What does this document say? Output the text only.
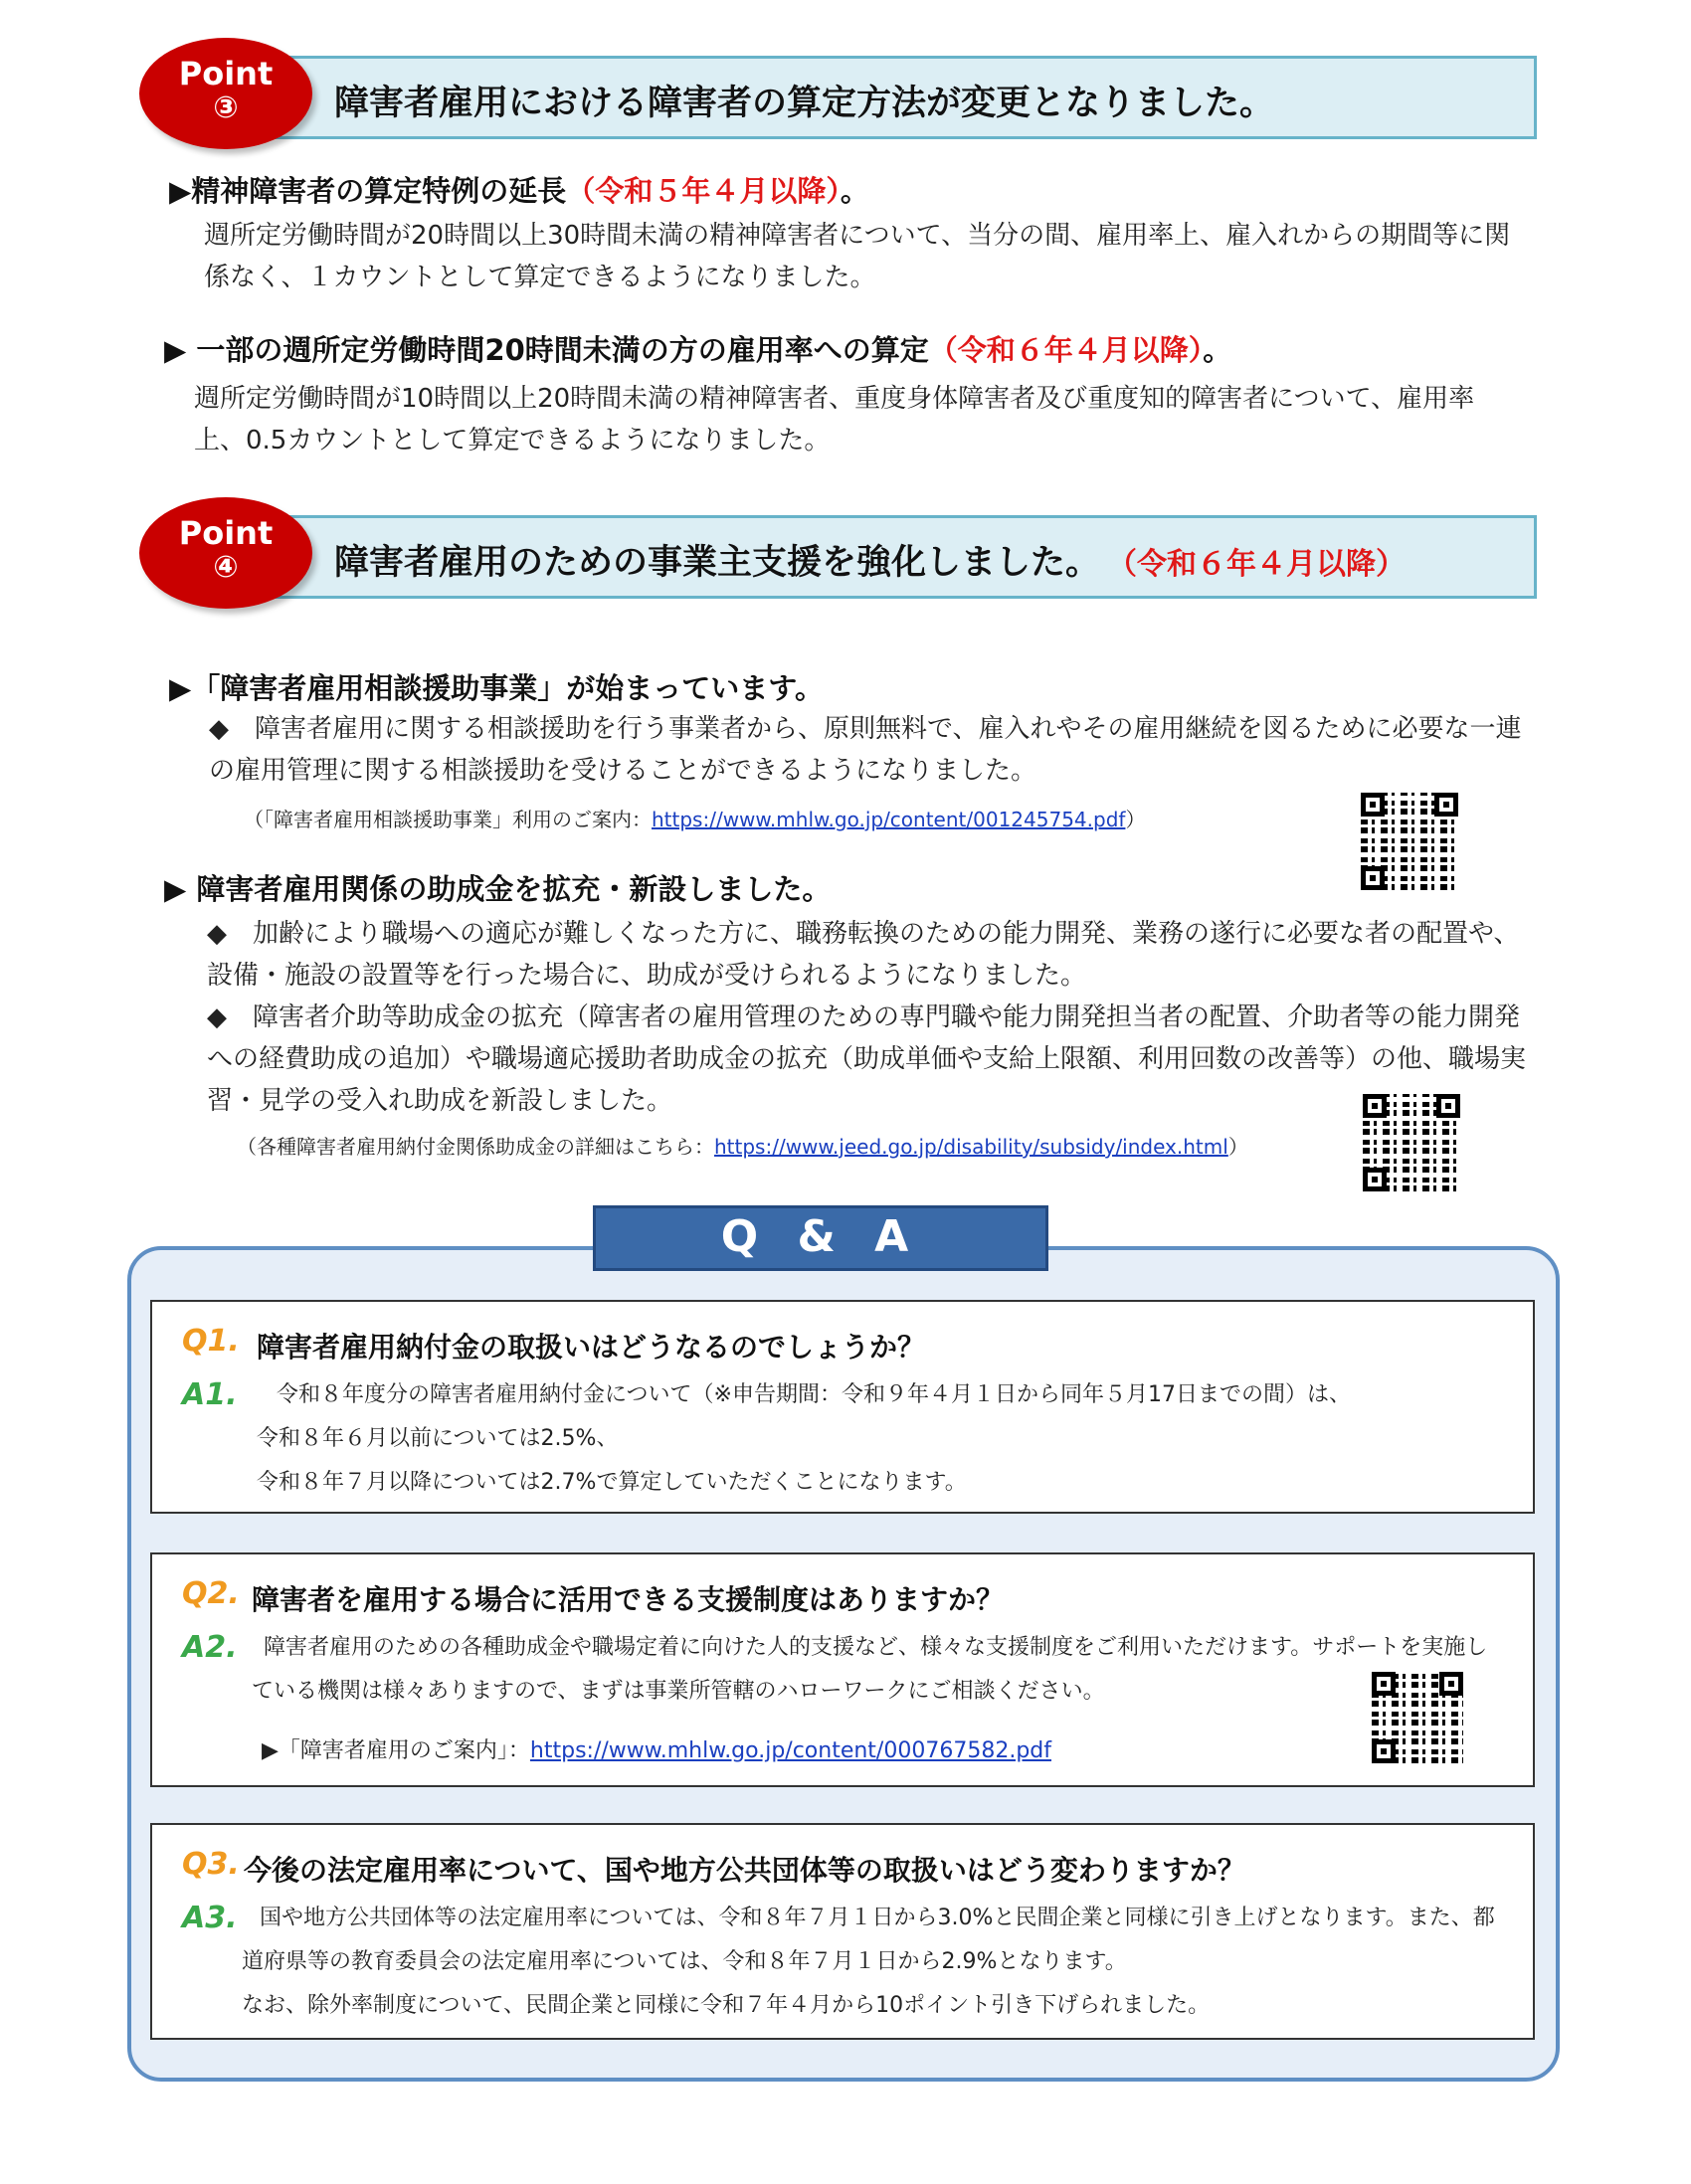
障害者雇用における障害者の算定方法が変更となりました。
Point
③
▶精神障害者の算定特例の延長（令和５年４月以降）。
週所定労働時間が20時間以上30時間未満の精神障害者について、当分の間、雇用率上、雇入れからの期間等に関係なく、１カウントとして算定できるようになりました。
▶ 一部の週所定労働時間20時間未満の方の雇用率への算定（令和６年４月以降）。
週所定労働時間が10時間以上20時間未満の精神障害者、重度身体障害者及び重度知的障害者について、雇用率上、0.5カウントとして算定できるようになりました。
障害者雇用のための事業主支援を強化しました。 （令和６年４月以降）
Point
④
▶「障害者雇用相談援助事業」が始まっています。
◆　障害者雇用に関する相談援助を行う事業者から、原則無料で、雇入れやその雇用継続を図るために必要な一連の雇用管理に関する相談援助を受けることができるようになりました。
（「障害者雇用相談援助事業」利用のご案内：https://www.mhlw.go.jp/content/001245754.pdf）
▶ 障害者雇用関係の助成金を拡充・新設しました。
◆　加齢により職場への適応が難しくなった方に、職務転換のための能力開発、業務の遂行に必要な者の配置や、設備・施設の設置等を行った場合に、助成が受けられるようになりました。
◆　障害者介助等助成金の拡充（障害者の雇用管理のための専門職や能力開発担当者の配置、介助者等の能力開発への経費助成の追加）や職場適応援助者助成金の拡充（助成単価や支給上限額、利用回数の改善等）の他、職場実習・見学の受入れ助成を新設しました。
（各種障害者雇用納付金関係助成金の詳細はこちら：https://www.jeed.go.jp/disability/subsidy/index.html）
Q & A
Q1. 障害者雇用納付金の取扱いはどうなるのでしょうか？
A1. 令和８年度分の障害者雇用納付金について（※申告期間：令和９年４月１日から同年５月17日までの間）は、
令和８年６月以前については2.5%、
令和８年７月以降については2.7%で算定していただくことになります。
Q2. 障害者を雇用する場合に活用できる支援制度はありますか？
A2.	障害者雇用のための各種助成金や職場定着に向けた人的支援など、様々な支援制度をご利用いただけます。サポートを実施している機関は様々ありますので、まずは事業所管轄のハローワークにご相談ください。
▶「障害者雇用のご案内」：https://www.mhlw.go.jp/content/000767582.pdf
Q3. 今後の法定雇用率について、国や地方公共団体等の取扱いはどう変わりますか？
A3.	国や地方公共団体等の法定雇用率については、令和８年７月１日から3.0%と民間企業と同様に引き上げとなります。また、都道府県等の教育委員会の法定雇用率については、令和８年７月１日から2.9%となります。
なお、除外率制度について、民間企業と同様に令和７年４月から10ポイント引き下げられました。
